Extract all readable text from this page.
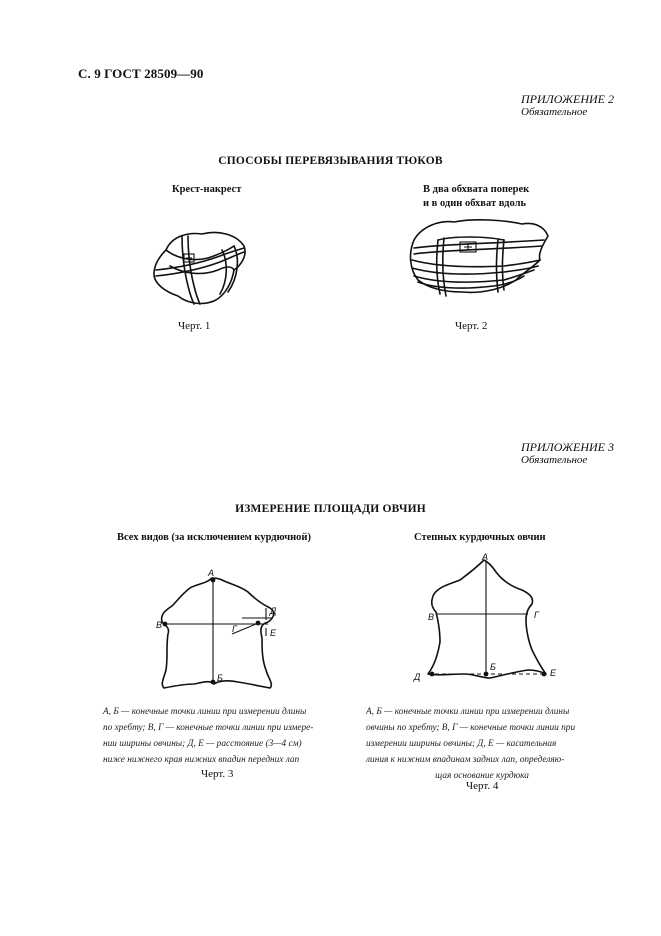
С. 9 ГОСТ 28509—90
ПРИЛОЖЕНИЕ 2
Обязательное
СПОСОБЫ ПЕРЕВЯЗЫВАНИЯ ТЮКОВ
Крест-накрест	В два обхвата поперек
и в один обхват вдоль
Черт. 1	Черт. 2
ПРИЛОЖЕНИЕ 3
Обязательное
ИЗМЕРЕНИЕ ПЛОЩАДИ ОВЧИН
Всех видов (за исключением курдючной)	Степных курдючных овчин
А
Б
В	Г
Д
Е
А, Б — конечные точки линии при измерении длины
по хребту; В, Г — конечные точки линии при измере-
нии ширины овчины; Д, Е — расстояние (3—4 см)
ниже нижнего края нижних впадин передних лап
Черт. 3
А
Б
В	Г
Д	Е
А, Б — конечные точки линии при измерении длины
овчины по хребту; В, Г — конечные точки линии при
измерении ширины овчины; Д, Е — касательная
линия к нижним впадинам задних лап, определяю-
щая основание курдюка
Черт. 4
